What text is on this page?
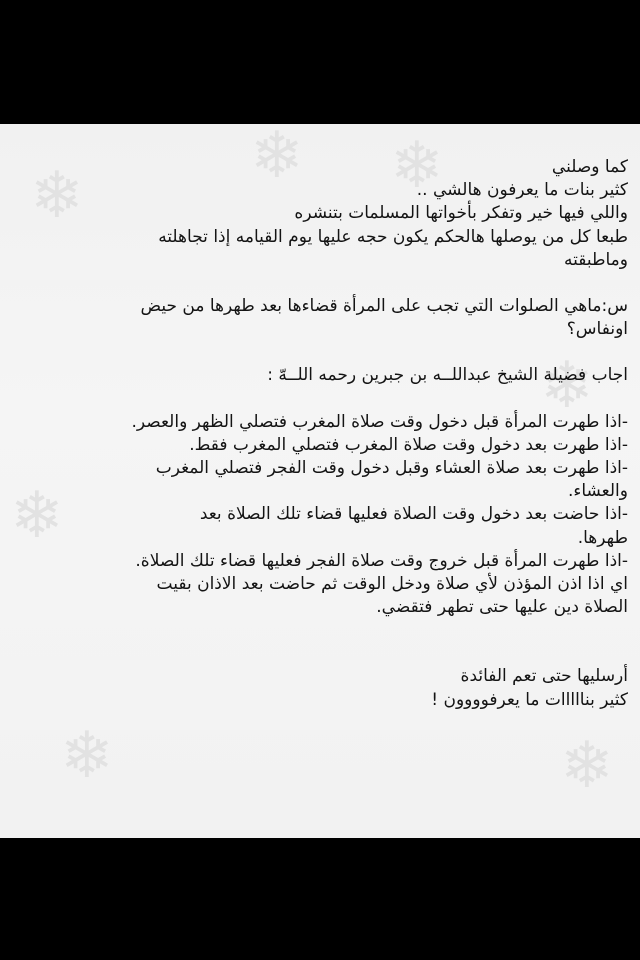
❄
❄ ❄
❄
❄
❄	❄
كما وصلني
كثير بنات ما يعرفون هالشي ..
واللي فيها خير وتفكر بأخواتها المسلمات بتنشره
طبعا كل من يوصلها هالحكم يكون حجه عليها يوم القيامه إذا تجاهلته
وماطبقته
س:ماهي الصلوات التي تجب على المرأة قضاءها بعد طهرها من حيض
اونفاس؟
اجاب فضيلة الشيخ عبداللــه بن جبرين رحمه اللــهّ :
-اذا طهرت المرأة قبل دخول وقت صلاة المغرب فتصلي الظهر والعصر.
-اذا طهرت بعد دخول وقت صلاة المغرب فتصلي المغرب فقط.
-اذا طهرت بعد صلاة العشاء وقبل دخول وقت الفجر فتصلي المغرب
والعشاء.
-اذا حاضت بعد دخول وقت الصلاة فعليها قضاء تلك الصلاة بعد
طهرها.
-اذا طهرت المرأة قبل خروج وقت صلاة الفجر فعليها قضاء تلك الصلاة.
اي اذا اذن المؤذن لأي صلاة ودخل الوقت ثم حاضت بعد الاذان بقيت
الصلاة دين عليها حتى تطهر فتقضي.
أرسليها حتى تعم الفائدة
كثير بنااااات ما يعرفوووون !
